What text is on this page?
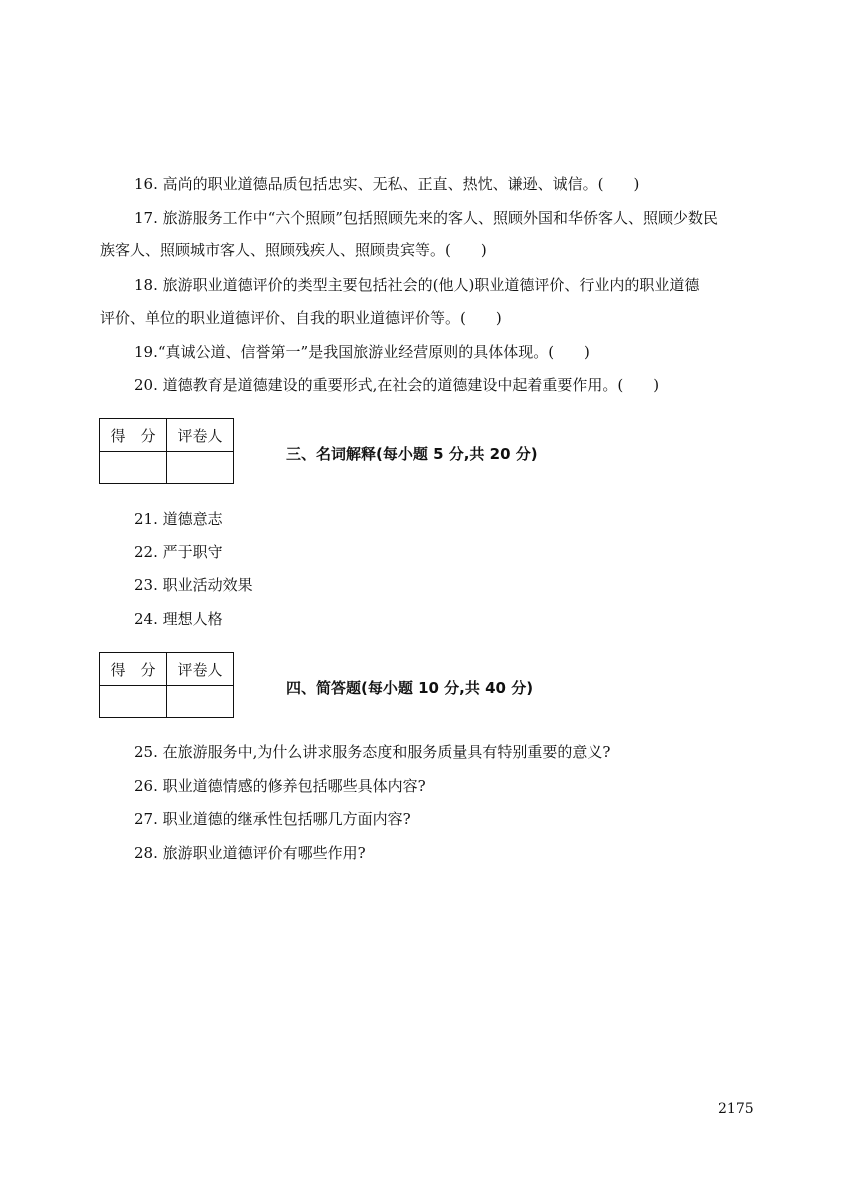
16. 高尚的职业道德品质包括忠实、无私、正直、热忱、谦逊、诚信。(　　)
17. 旅游服务工作中“六个照顾”包括照顾先来的客人、照顾外国和华侨客人、照顾少数民
族客人、照顾城市客人、照顾残疾人、照顾贵宾等。(　　)
18. 旅游职业道德评价的类型主要包括社会的(他人)职业道德评价、行业内的职业道德
评价、单位的职业道德评价、自我的职业道德评价等。(　　)
19.“真诚公道、信誉第一”是我国旅游业经营原则的具体体现。(　　)
20. 道德教育是道德建设的重要形式,在社会的道德建设中起着重要作用。(　　)
得　分	评卷人

三、名词解释(每小题 5 分,共 20 分)
21. 道德意志
22. 严于职守
23. 职业活动效果
24. 理想人格
得　分	评卷人

四、简答题(每小题 10 分,共 40 分)
25. 在旅游服务中,为什么讲求服务态度和服务质量具有特别重要的意义?
26. 职业道德情感的修养包括哪些具体内容?
27. 职业道德的继承性包括哪几方面内容?
28. 旅游职业道德评价有哪些作用?
2175
